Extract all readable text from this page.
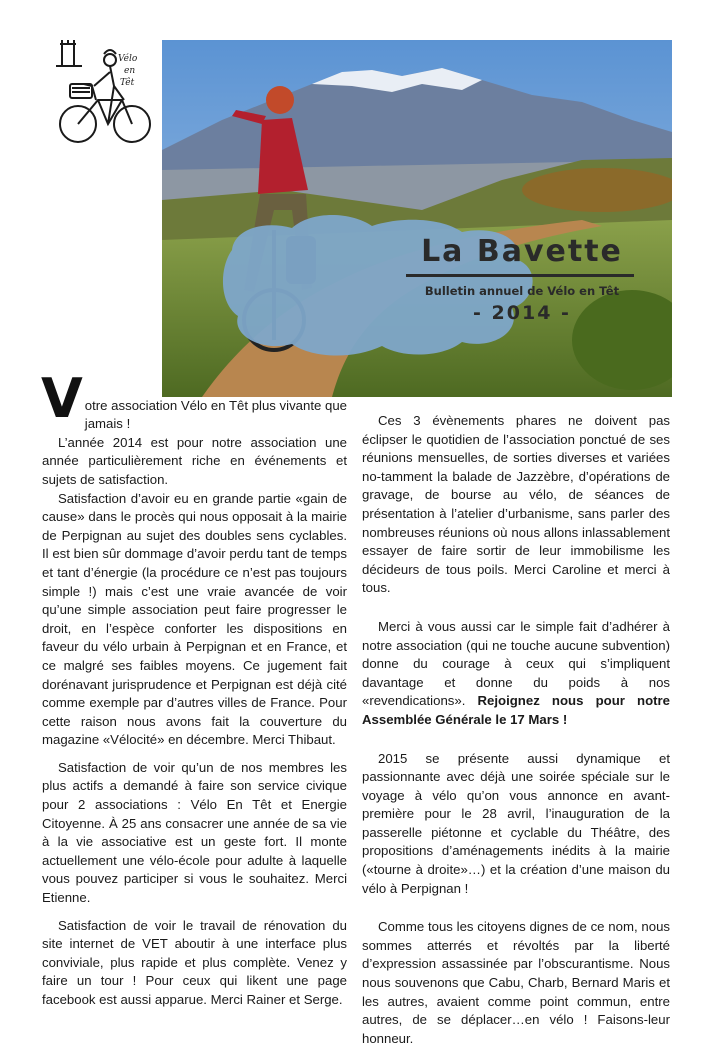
Vélo
en
Têt
La Bavette
Bulletin annuel de Vélo en Têt
- 2014 -

Votre association Vélo en Têt plus vivante que jamais !

L’année 2014 est pour notre association une année particulièrement riche en événements et sujets de satisfaction.

Satisfaction d’avoir eu en grande partie «gain de cause» dans le procès qui nous opposait à la mairie de Perpignan au sujet des doubles sens cyclables. Il est bien sûr dommage d’avoir perdu tant de temps et tant d’énergie (la procédure ce n’est pas toujours simple !) mais c’est une vraie avancée de voir qu’une simple association peut faire progresser le droit, en l’espèce conforter les dispositions en faveur du vélo urbain à Perpignan et en France, et ce malgré ses faibles moyens. Ce jugement fait dorénavant jurisprudence et Perpignan est déjà cité comme exemple par d’autres villes de France. Pour cette raison nous avons fait la couverture du magazine «Vélocité» en décembre. Merci Thibaut.

Satisfaction de voir qu’un de nos membres les plus actifs a demandé à faire son service civique pour 2 associations : Vélo En Têt et Energie Citoyenne. À 25 ans consacrer une année de sa vie à la vie associative est un geste fort. Il monte actuellement une vélo-école pour adulte à laquelle vous pouvez participer si vous le souhaitez. Merci Etienne.

Satisfaction de voir le travail de rénovation du site internet de VET aboutir à une interface plus conviviale, plus rapide et plus complète. Venez y faire un tour ! Pour ceux qui likent une page facebook est aussi apparue. Merci Rainer et Serge.

Ces 3 évènements phares ne doivent pas éclipser le quotidien de l’association ponctué de ses réunions mensuelles, de sorties diverses et variées no-tamment la balade de Jazzèbre, d’opérations de gravage, de bourse au vélo, de séances de présentation à l’atelier d’urbanisme, sans parler des nombreuses réunions où nous allons inlassablement essayer de faire sortir de leur immobilisme les décideurs de tous poils. Merci Caroline et merci à tous.

Merci à vous aussi car le simple fait d’adhérer à notre association (qui ne touche aucune subvention) donne du courage à ceux qui s’impliquent davantage et donne du poids à nos «revendications». Rejoignez nous pour notre Assemblée Générale le 17 Mars !

2015 se présente aussi dynamique et passionnante avec déjà une soirée spéciale sur le voyage à vélo qu’on vous annonce en avant-première pour le 28 avril, l’inauguration de la passerelle piétonne et cyclable du Théâtre, des propositions d’aménagements inédits à la mairie («tourne à droite»…) et la création d’une maison du vélo à Perpignan !

Comme tous les citoyens dignes de ce nom, nous sommes atterrés et révoltés par la liberté d’expression assassinée par l’obscurantisme. Nous nous souvenons que Cabu, Charb, Bernard Maris et les autres, avaient comme point commun, entre autres, de se déplacer…en vélo ! Faisons-leur honneur.
